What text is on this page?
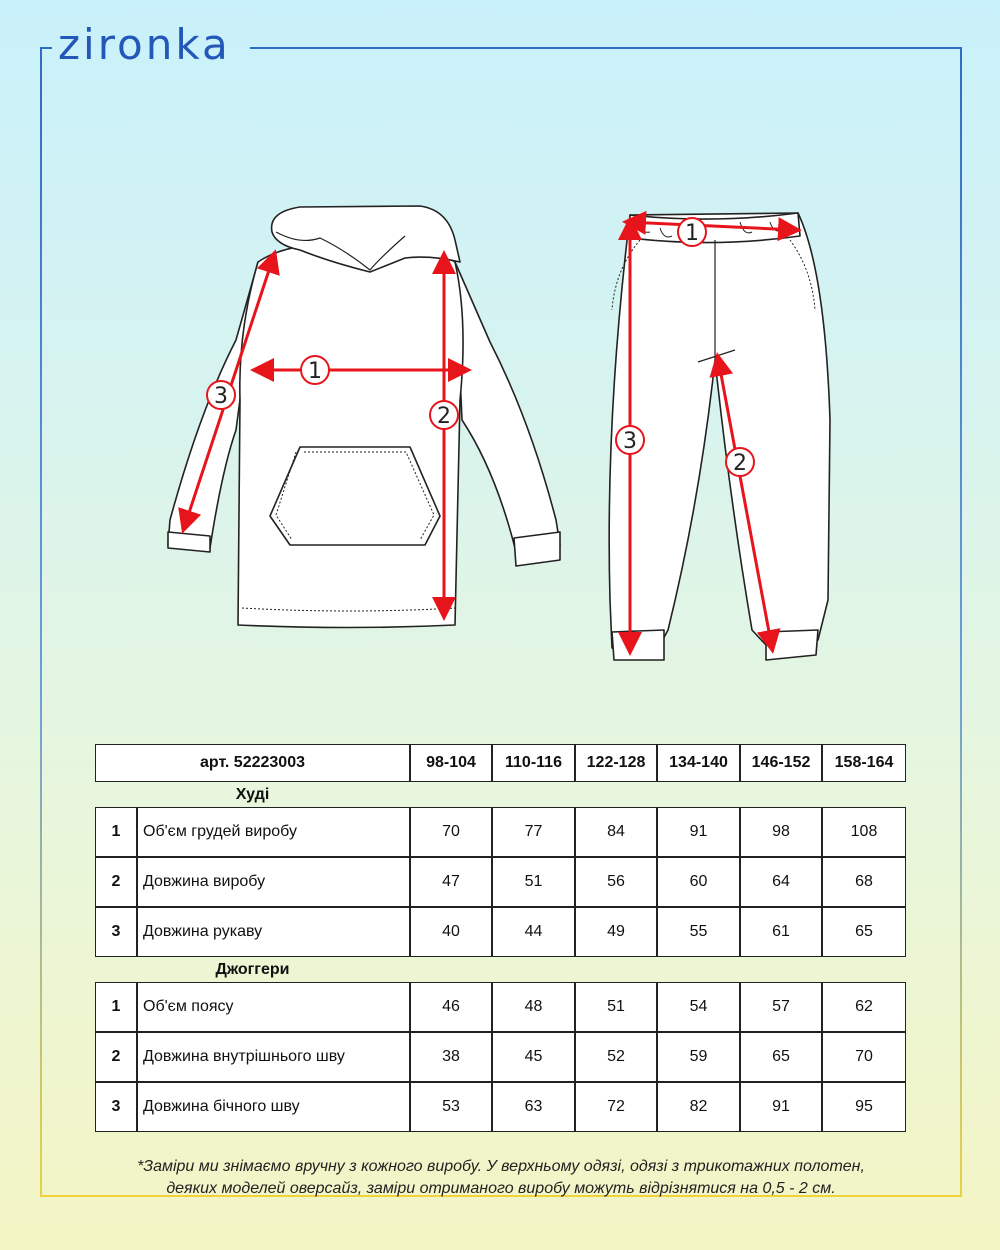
zironka
1
2
3
1
2
3
арт. 52223003		98-104	110-116	122-128	134-140	146-152	158-164
Худі							
1	Об'єм грудей виробу	70	77	84	91	98	108
2	Довжина виробу	47	51	56	60	64	68
3	Довжина рукаву	40	44	49	55	61	65
Джоггери							
1	Об'єм поясу	46	48	51	54	57	62
2	Довжина внутрішнього шву	38	45	52	59	65	70
3	Довжина бічного шву	53	63	72	82	91	95
*Заміри ми знімаємо вручну з кожного виробу. У верхньому одязі, одязі з трикотажних полотен,
деяких моделей оверсайз, заміри отриманого виробу можуть відрізнятися на 0,5 - 2 см.
